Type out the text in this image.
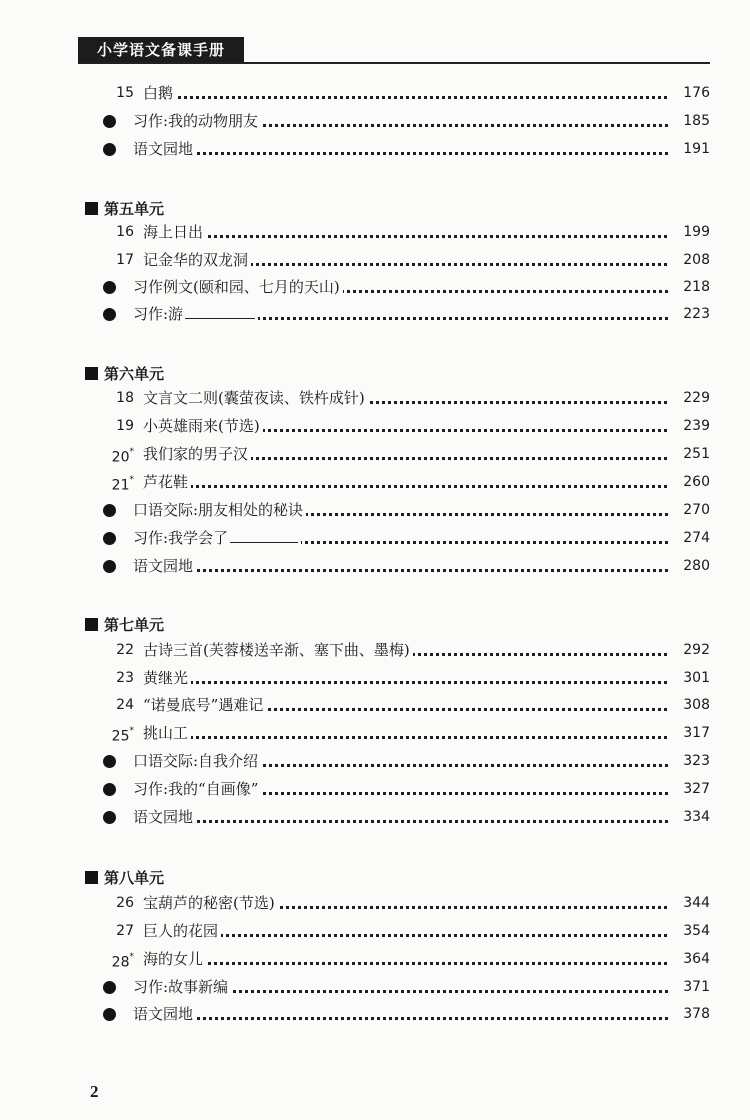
小学语文备课手册
15 白鹅	176
习作:我的动物朋友	185
语文园地	191
第五单元
16 海上日出	199
17 记金华的双龙洞	208
习作例文(颐和园、七月的天山)	218
习作:游	223
第六单元
18 文言文二则(囊萤夜读、铁杵成针)	229
19 小英雄雨来(节选)	239
20* 我们家的男子汉	251
21* 芦花鞋	260
口语交际:朋友相处的秘诀	270
习作:我学会了	274
语文园地	280
第七单元
22 古诗三首(芙蓉楼送辛渐、塞下曲、墨梅)	292
23 黄继光	301
24 “诺曼底号”遇难记	308
25* 挑山工	317
口语交际:自我介绍	323
习作:我的“自画像”	327
语文园地	334
第八单元
26 宝葫芦的秘密(节选)	344
27 巨人的花园	354
28* 海的女儿	364
习作:故事新编	371
语文园地	378
2
